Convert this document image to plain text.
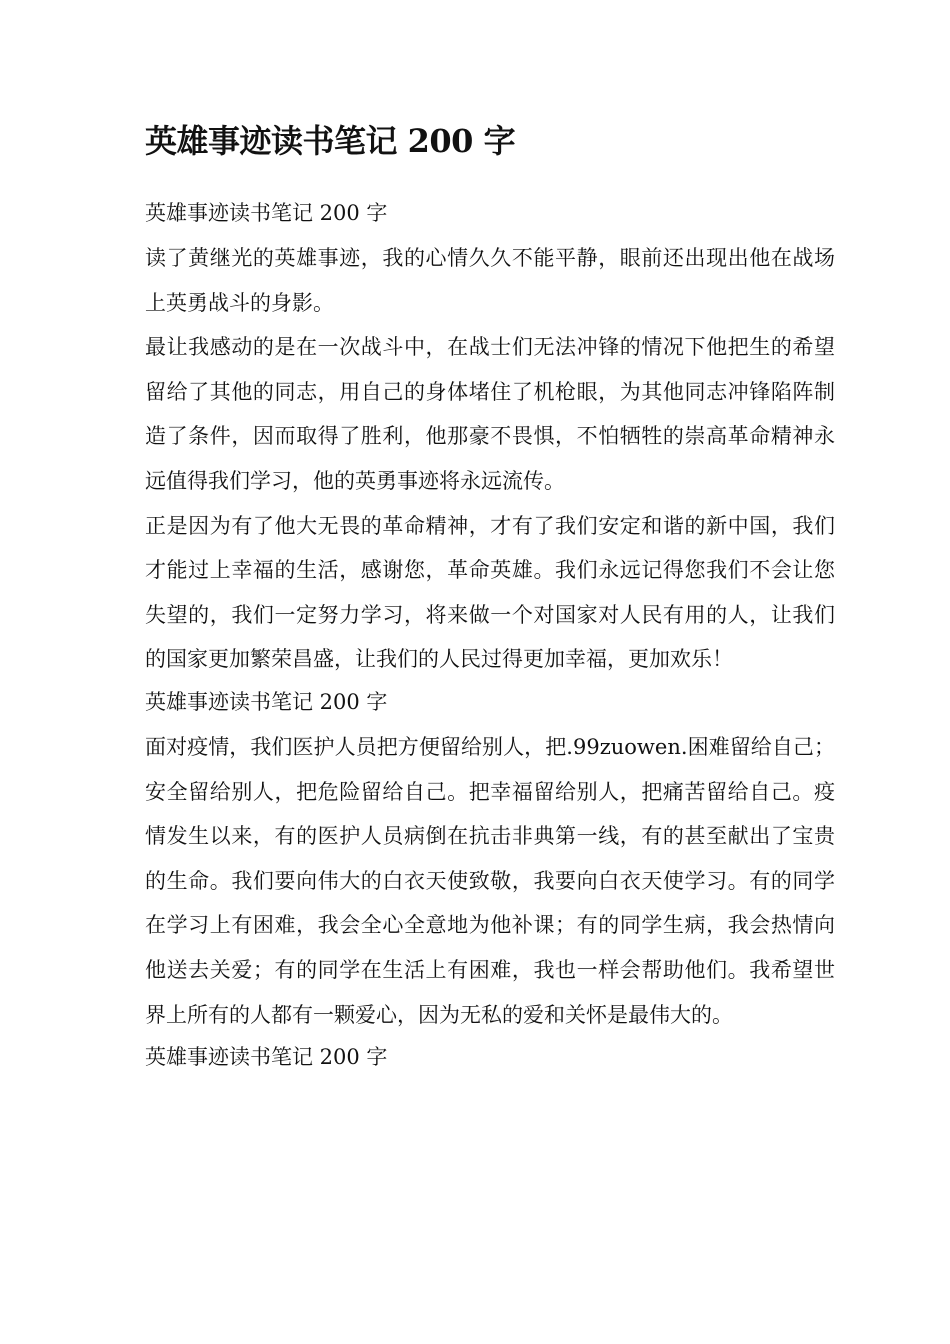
英雄事迹读书笔记 200 字
英雄事迹读书笔记 200 字

读了黄继光的英雄事迹，我的心情久久不能平静，眼前还出现出他在战场上英勇战斗的身影。

最让我感动的是在一次战斗中，在战士们无法冲锋的情况下他把生的希望留给了其他的同志，用自己的身体堵住了机枪眼，为其他同志冲锋陷阵制造了条件，因而取得了胜利，他那豪不畏惧，不怕牺牲的崇高革命精神永远值得我们学习，他的英勇事迹将永远流传。

正是因为有了他大无畏的革命精神，才有了我们安定和谐的新中国，我们才能过上幸福的生活，感谢您，革命英雄。我们永远记得您我们不会让您失望的，我们一定努力学习，将来做一个对国家对人民有用的人，让我们的国家更加繁荣昌盛，让我们的人民过得更加幸福，更加欢乐！

英雄事迹读书笔记 200 字

面对疫情，我们医护人员把方便留给别人，把.99zuowen.困难留给自己；安全留给别人，把危险留给自己。把幸福留给别人，把痛苦留给自己。疫情发生以来，有的医护人员病倒在抗击非典第一线，有的甚至献出了宝贵的生命。我们要向伟大的白衣天使致敬，我要向白衣天使学习。有的同学在学习上有困难，我会全心全意地为他补课；有的同学生病，我会热情向他送去关爱；有的同学在生活上有困难，我也一样会帮助他们。我希望世界上所有的人都有一颗爱心，因为无私的爱和关怀是最伟大的。

英雄事迹读书笔记 200 字
